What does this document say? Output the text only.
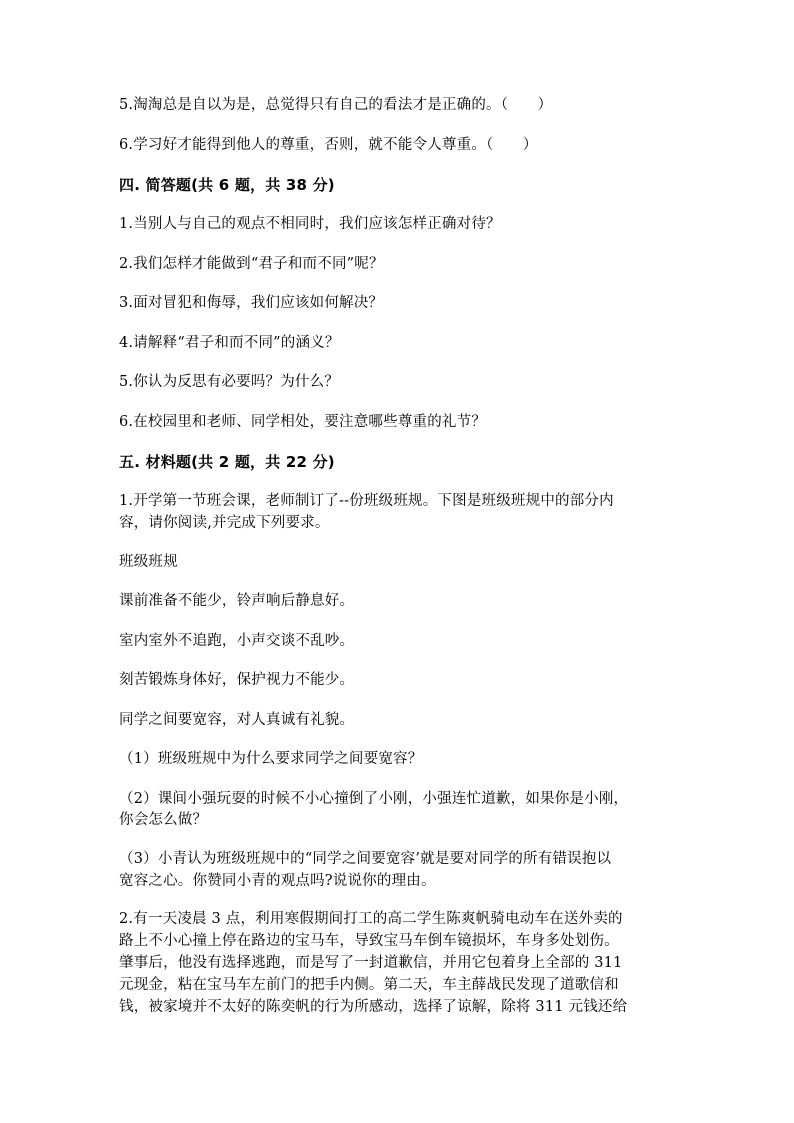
5.淘淘总是自以为是，总觉得只有自己的看法才是正确的。（　　）
6.学习好才能得到他人的尊重，否则，就不能令人尊重。（　　）
四. 简答题(共 6 题，共 38 分)
1.当别人与自己的观点不相同时，我们应该怎样正确对待？
2.我们怎样才能做到“君子和而不同”呢？
3.面对冒犯和侮辱，我们应该如何解决？
4.请解释“君子和而不同”的涵义？
5.你认为反思有必要吗？为什么？
6.在校园里和老师、同学相处，要注意哪些尊重的礼节？
五. 材料题(共 2 题，共 22 分)
1.开学第一节班会课，老师制订了--份班级班规。下图是班级班规中的部分内
容，请你阅读,并完成下列要求。
班级班规
课前准备不能少，铃声响后静息好。
室内室外不追跑，小声交谈不乱吵。
刻苦锻炼身体好，保护视力不能少。
同学之间要宽容，对人真诚有礼貌。
（1）班级班规中为什么要求同学之间要宽容？
（2）课间小强玩耍的时候不小心撞倒了小刚，小强连忙道歉，如果你是小刚，
你会怎么做？
（3）小青认为班级班规中的“同学之间要宽容’就是要对同学的所有错误抱以
宽容之心。你赞同小青的观点吗?说说你的理由。
2.有一天凌晨 3 点，利用寒假期间打工的高二学生陈爽帆骑电动车在送外卖的
路上不小心撞上停在路边的宝马车，导致宝马车倒车镜损坏，车身多处划伤。
肇事后，他没有选择逃跑，而是写了一封道歉信，并用它包着身上全部的 311
元现金，粘在宝马车左前门的把手内侧。第二天，车主薛战民发现了道歌信和
钱，被家境并不太好的陈奕帆的行为所感动，选择了谅解，除将 311 元钱还给
